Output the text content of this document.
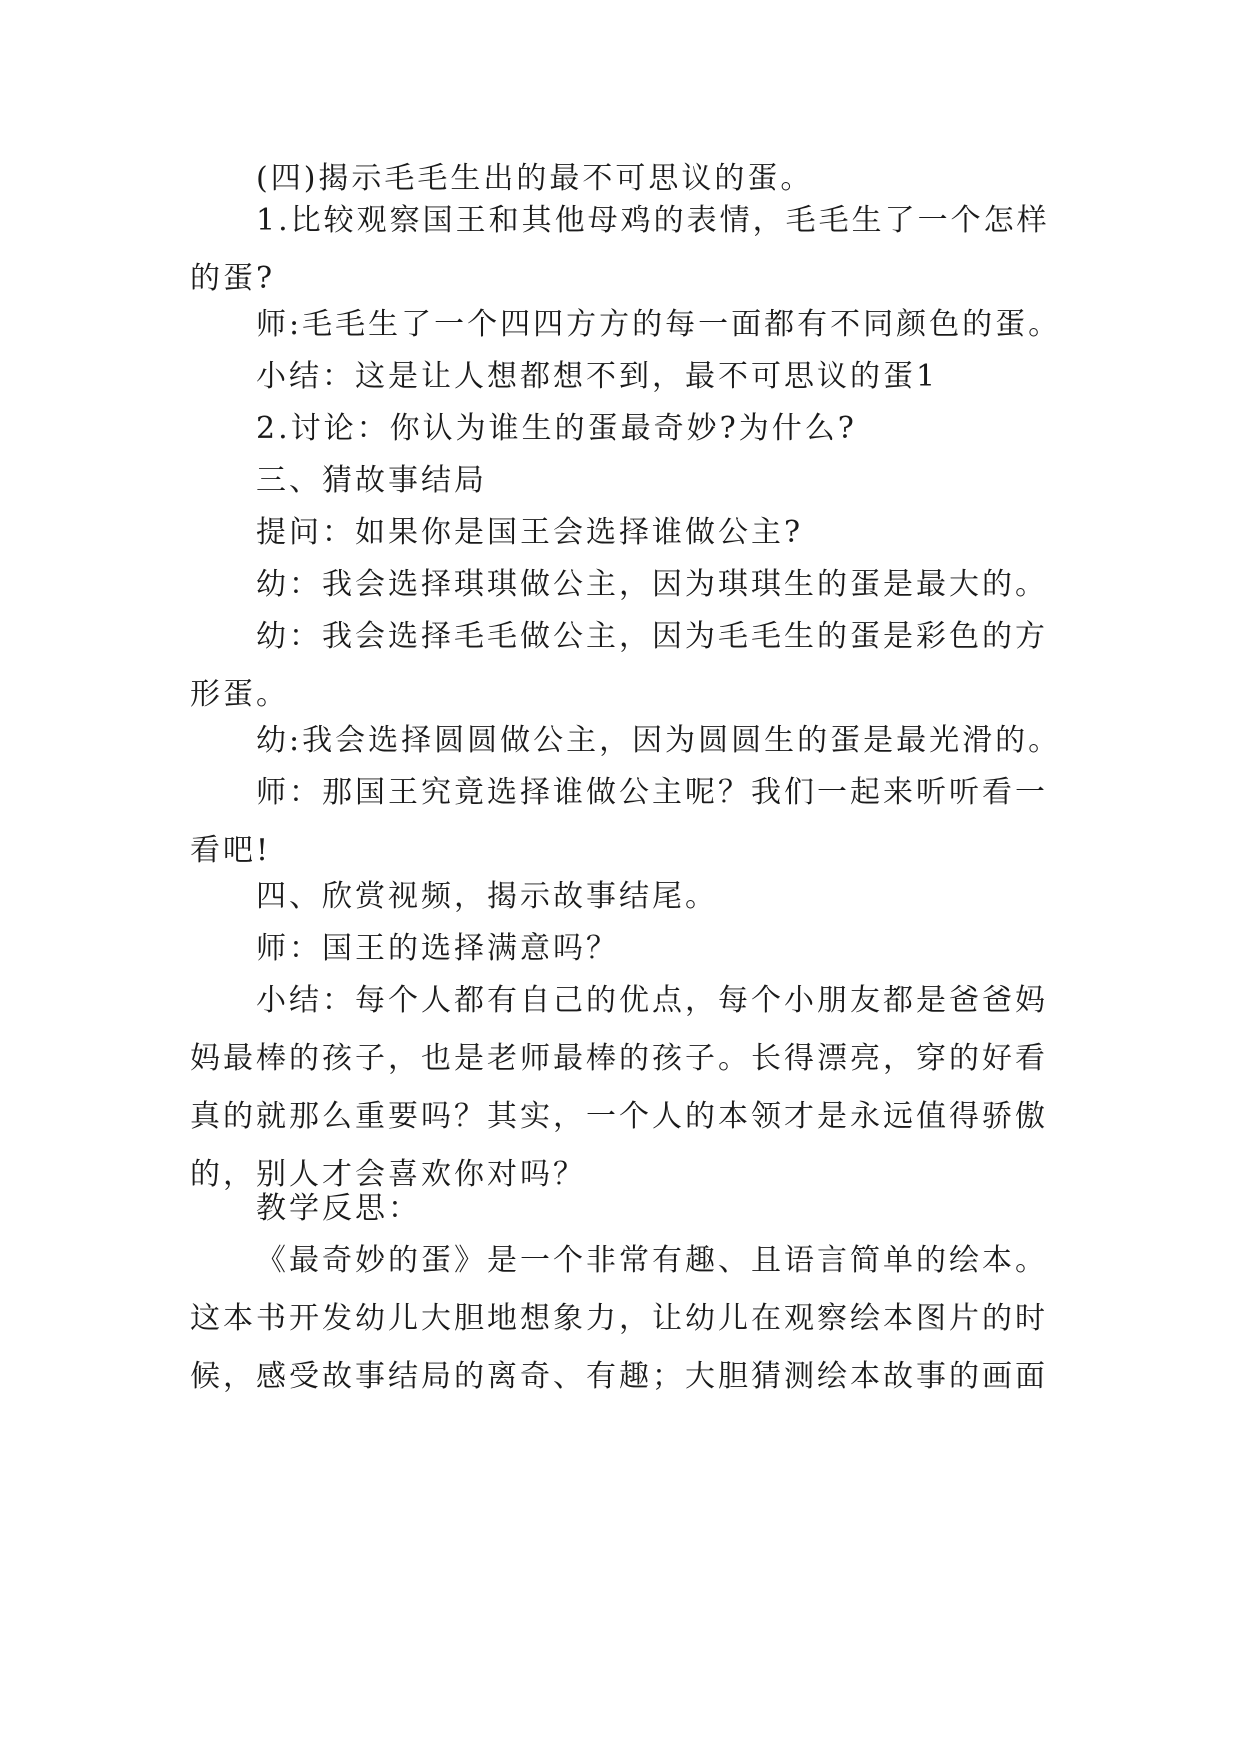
(四)揭示毛毛生出的最不可思议的蛋。

1.比较观察国王和其他母鸡的表情，毛毛生了一个怎样的蛋?

师:毛毛生了一个四四方方的每一面都有不同颜色的蛋。

小结：这是让人想都想不到，最不可思议的蛋1

2.讨论：你认为谁生的蛋最奇妙?为什么?

三、猜故事结局

提问：如果你是国王会选择谁做公主?

幼：我会选择琪琪做公主，因为琪琪生的蛋是最大的。

幼：我会选择毛毛做公主，因为毛毛生的蛋是彩色的方形蛋。

幼:我会选择圆圆做公主，因为圆圆生的蛋是最光滑的。

师：那国王究竟选择谁做公主呢？我们一起来听听看一看吧!

四、欣赏视频，揭示故事结尾。

师：国王的选择满意吗？

小结：每个人都有自己的优点，每个小朋友都是爸爸妈妈最棒的孩子，也是老师最棒的孩子。长得漂亮，穿的好看真的就那么重要吗？其实，一个人的本领才是永远值得骄傲的，别人才会喜欢你对吗？

教学反思：

《最奇妙的蛋》是一个非常有趣、且语言简单的绘本。这本书开发幼儿大胆地想象力，让幼儿在观察绘本图片的时候，感受故事结局的离奇、有趣；大胆猜测绘本故事的画面
